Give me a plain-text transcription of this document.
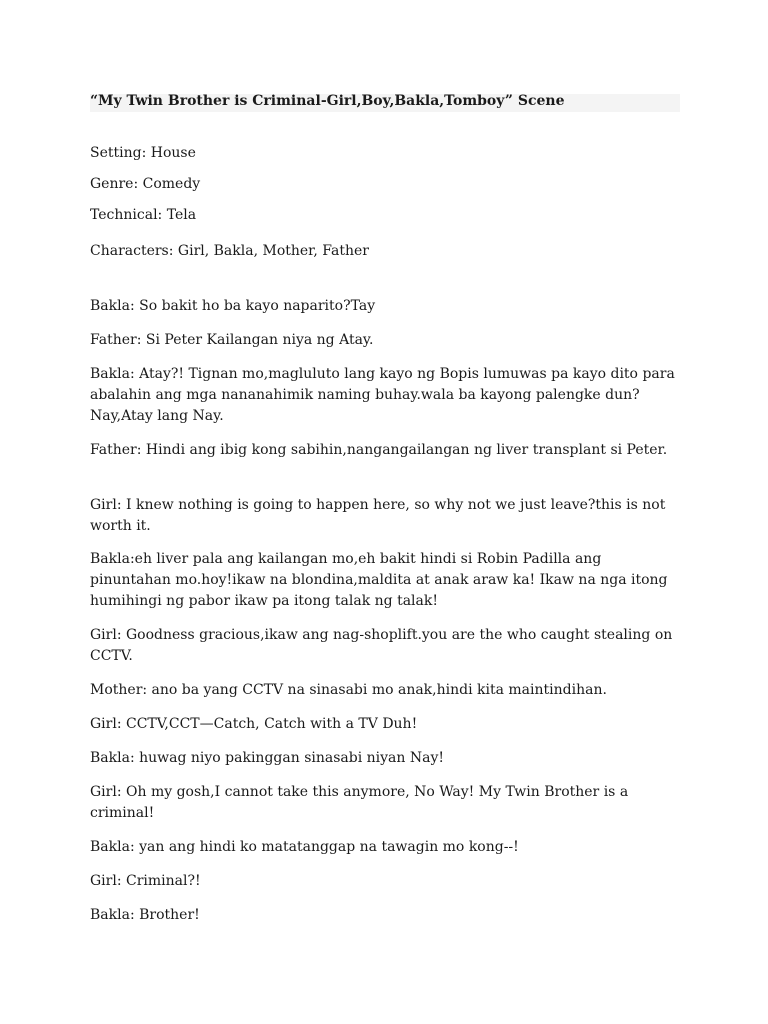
“My Twin Brother is Criminal-Girl,Boy,Bakla,Tomboy” Scene
Setting: House
Genre: Comedy
Technical: Tela
Characters: Girl, Bakla, Mother, Father
Bakla: So bakit ho ba kayo naparito?Tay
Father: Si Peter Kailangan niya ng Atay.
Bakla: Atay?! Tignan mo,magluluto lang kayo ng Bopis lumuwas pa kayo dito para abalahin ang mga nananahimik naming buhay.wala ba kayong palengke dun?Nay,Atay lang Nay.
Father: Hindi ang ibig kong sabihin,nangangailangan ng liver transplant si Peter.
Girl: I knew nothing is going to happen here, so why not we just leave?this is not worth it.
Bakla:eh liver pala ang kailangan mo,eh bakit hindi si Robin Padilla ang pinuntahan mo.hoy!ikaw na blondina,maldita at anak araw ka! Ikaw na nga itong humihingi ng pabor ikaw pa itong talak ng talak!
Girl: Goodness gracious,ikaw ang nag-shoplift.you are the who caught stealing on CCTV.
Mother: ano ba yang CCTV na sinasabi mo anak,hindi kita maintindihan.
Girl: CCTV,CCT—Catch, Catch with a TV Duh!
Bakla: huwag niyo pakinggan sinasabi niyan Nay!
Girl: Oh my gosh,I cannot take this anymore, No Way! My Twin Brother is a criminal!
Bakla: yan ang hindi ko matatanggap na tawagin mo kong--!
Girl: Criminal?!
Bakla: Brother!
